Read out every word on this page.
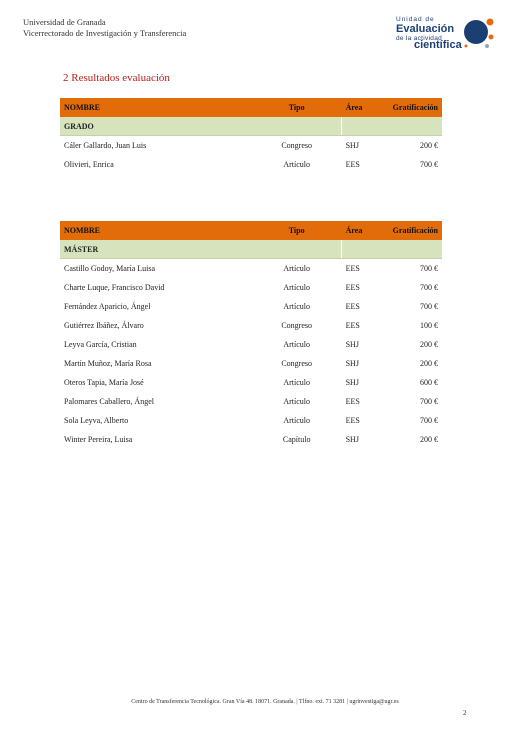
Universidad de Granada
Vicerrectorado de Investigación y Transferencia
Unidad de
Evaluación
de la actividad
científica
2 Resultados evaluación
NOMBRE	Tipo	Área	Gratificación
GRADO			
Cáler Gallardo, Juan Luis	Congreso	SHJ	200 €
Olivieri, Enrica	Artículo	EES	700 €
NOMBRE	Tipo	Área	Gratificación
MÁSTER			
Castillo Godoy, María Luisa	Artículo	EES	700 €
Charte Luque, Francisco David	Artículo	EES	700 €
Fernández Aparicio, Ángel	Artículo	EES	700 €
Gutiérrez Ibáñez, Álvaro	Congreso	EES	100 €
Leyva García, Cristian	Artículo	SHJ	200 €
Martín Muñoz, María Rosa	Congreso	SHJ	200 €
Oteros Tapia, María José	Artículo	SHJ	600 €
Palomares Caballero, Ángel	Artículo	EES	700 €
Sola Leyva, Alberto	Artículo	EES	700 €
Winter Pereira, Luisa	Capítulo	SHJ	200 €
Centro de Transferencia Tecnológica. Gran Vía 48. 18071. Granada. | Tlfno. ext. 71 3281 | ugrinvestiga@ugr.es
2
